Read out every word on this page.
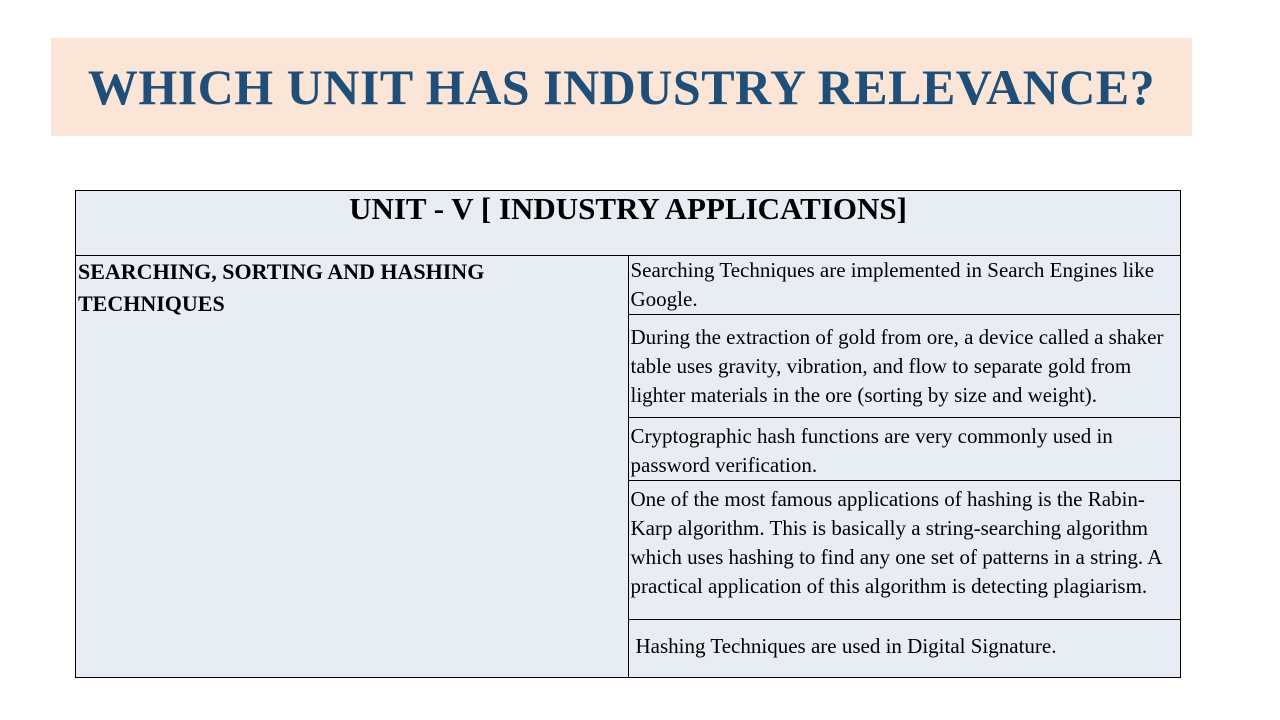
WHICH UNIT HAS INDUSTRY RELEVANCE?
UNIT - V [ INDUSTRY APPLICATIONS]
SEARCHING, SORTING AND HASHING TECHNIQUES	Searching Techniques are implemented in Search Engines like Google.
During the extraction of gold from ore, a device called a shaker table uses gravity, vibration, and flow to separate gold from lighter materials in the ore (sorting by size and weight).
Cryptographic hash functions are very commonly used in password verification.
One of the most famous applications of hashing is the Rabin-Karp algorithm. This is basically a string-searching algorithm which uses hashing to find any one set of patterns in a string. A practical application of this algorithm is detecting plagiarism.
Hashing Techniques are used in Digital Signature.
